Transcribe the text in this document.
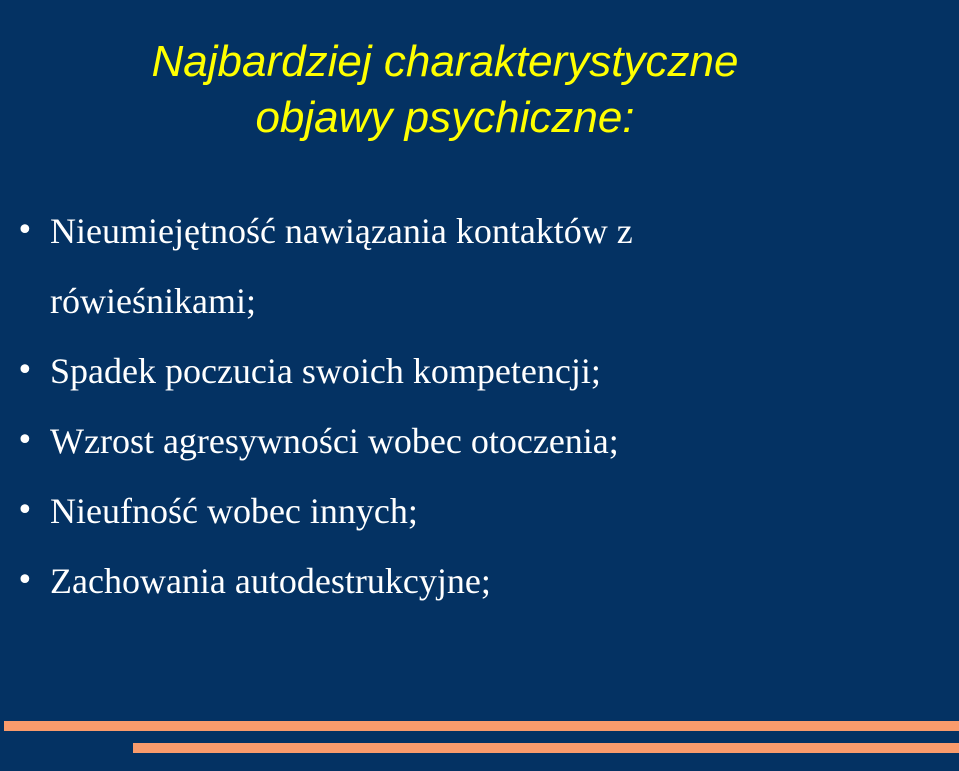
Najbardziej charakterystyczne
objawy psychiczne:
• Nieumiejętność nawiązania kontaktów z rówieśnikami;
• Spadek poczucia swoich kompetencji;
• Wzrost agresywności wobec otoczenia;
• Nieufność wobec innych;
• Zachowania autodestrukcyjne;
